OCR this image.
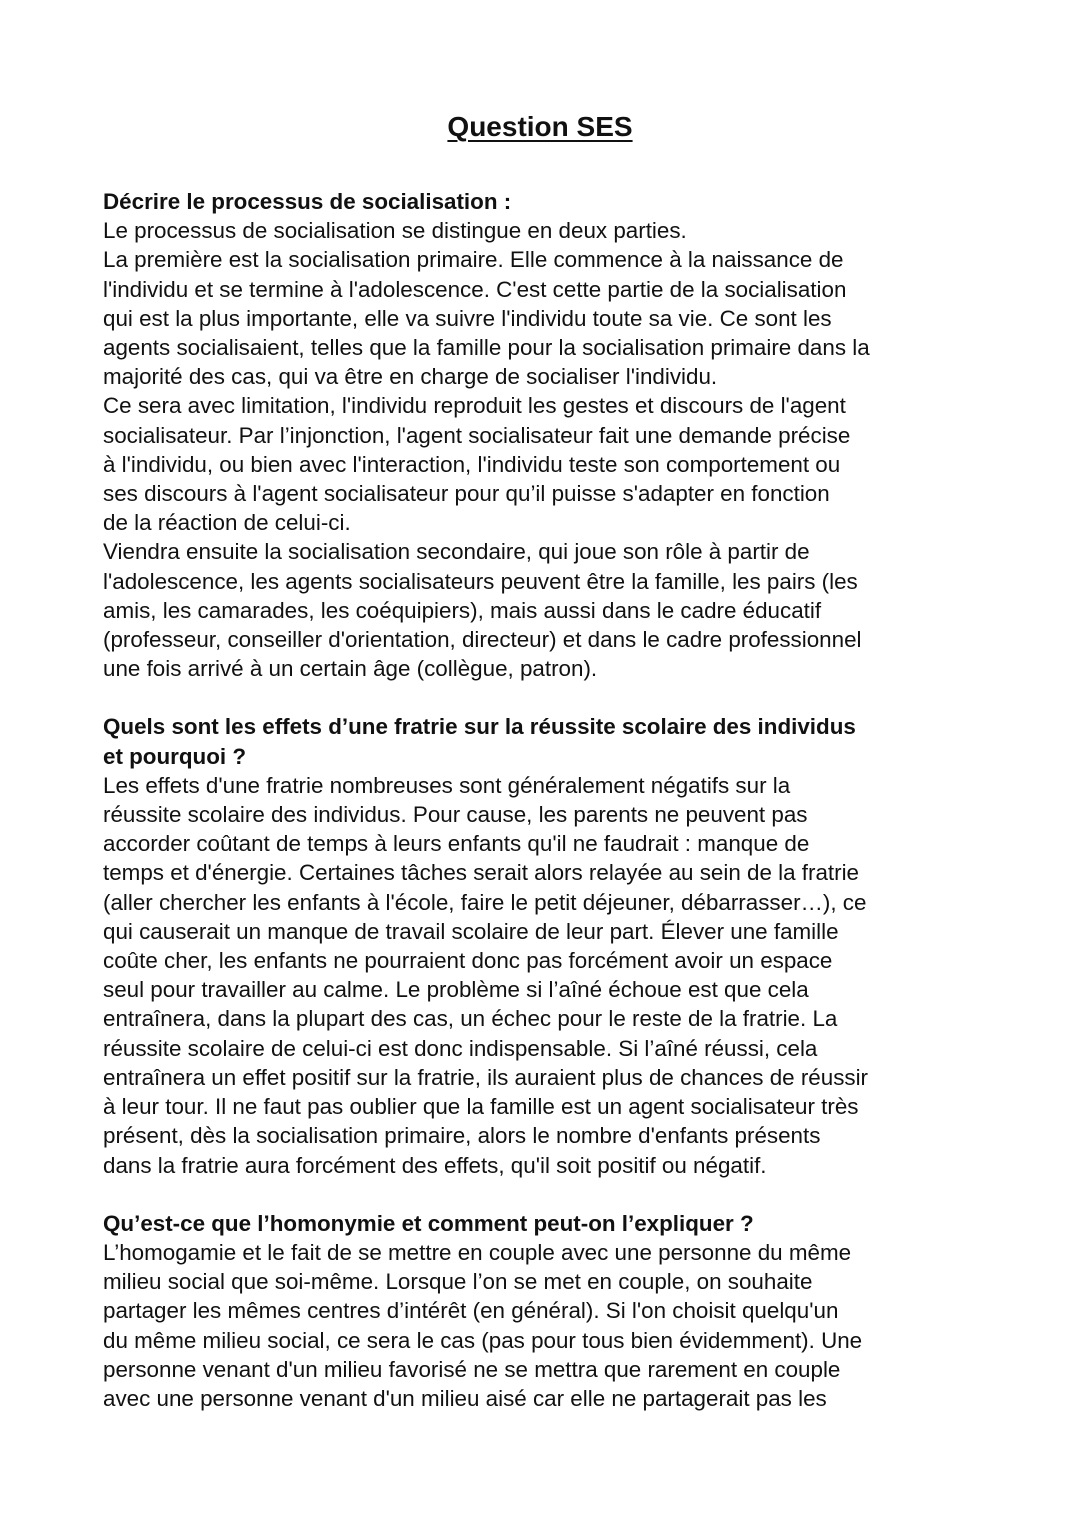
Question SES

Décrire le processus de socialisation :

Le processus de socialisation se distingue en deux parties.

La première est la socialisation primaire. Elle commence à la naissance de
l'individu et se termine à l'adolescence. C'est cette partie de la socialisation
qui est la plus importante, elle va suivre l'individu toute sa vie. Ce sont les
agents socialisaient, telles que la famille pour la socialisation primaire dans la
majorité des cas, qui va être en charge de socialiser l'individu.

Ce sera avec limitation, l'individu reproduit les gestes et discours de l'agent
socialisateur. Par l’injonction, l'agent socialisateur fait une demande précise
à l'individu, ou bien avec l'interaction, l'individu teste son comportement ou
ses discours à l'agent socialisateur pour qu’il puisse s'adapter en fonction
de la réaction de celui-ci.

Viendra ensuite la socialisation secondaire, qui joue son rôle à partir de
l'adolescence, les agents socialisateurs peuvent être la famille, les pairs (les
amis, les camarades, les coéquipiers), mais aussi dans le cadre éducatif
(professeur, conseiller d'orientation, directeur) et dans le cadre professionnel
une fois arrivé à un certain âge (collègue, patron).

Quels sont les effets d’une fratrie sur la réussite scolaire des individus
et pourquoi ?

Les effets d'une fratrie nombreuses sont généralement négatifs sur la
réussite scolaire des individus. Pour cause, les parents ne peuvent pas
accorder coûtant de temps à leurs enfants qu'il ne faudrait : manque de
temps et d'énergie. Certaines tâches serait alors relayée au sein de la fratrie
(aller chercher les enfants à l'école, faire le petit déjeuner, débarrasser…), ce
qui causerait un manque de travail scolaire de leur part. Élever une famille
coûte cher, les enfants ne pourraient donc pas forcément avoir un espace
seul pour travailler au calme. Le problème si l’aîné échoue est que cela
entraînera, dans la plupart des cas, un échec pour le reste de la fratrie. La
réussite scolaire de celui-ci est donc indispensable. Si l’aîné réussi, cela
entraînera un effet positif sur la fratrie, ils auraient plus de chances de réussir
à leur tour. Il ne faut pas oublier que la famille est un agent socialisateur très
présent, dès la socialisation primaire, alors le nombre d'enfants présents
dans la fratrie aura forcément des effets, qu'il soit positif ou négatif.

Qu’est-ce que l’homonymie et comment peut-on l’expliquer ?

L’homogamie et le fait de se mettre en couple avec une personne du même
milieu social que soi-même. Lorsque l’on se met en couple, on souhaite
partager les mêmes centres d’intérêt (en général). Si l'on choisit quelqu'un
du même milieu social, ce sera le cas (pas pour tous bien évidemment). Une
personne venant d'un milieu favorisé ne se mettra que rarement en couple
avec une personne venant d'un milieu aisé car elle ne partagerait pas les
